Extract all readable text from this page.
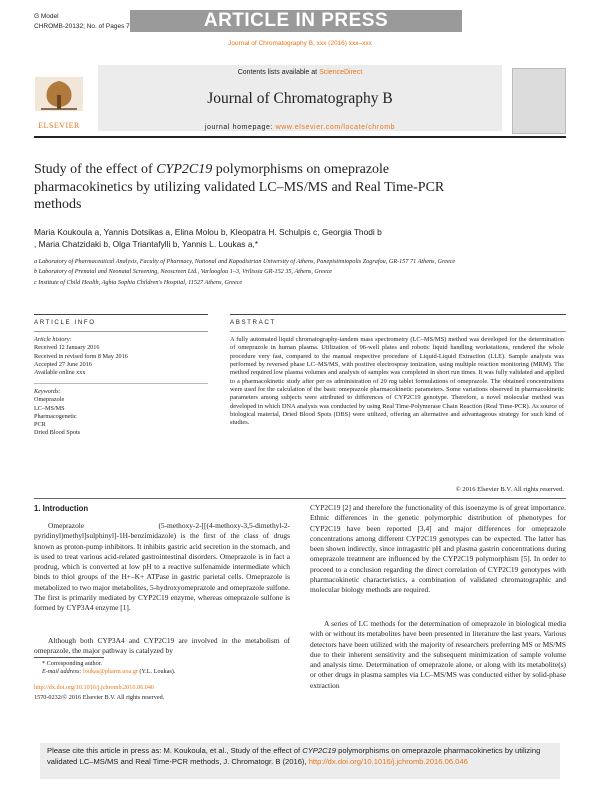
G Model
CHROMB-20132; No. of Pages 7	ARTICLE IN PRESS
Journal of Chromatography B, xxx (2016) xxx–xxx
Contents lists available at ScienceDirect
Journal of Chromatography B
journal homepage: www.elsevier.com/locate/chromb
ELSEVIER
Study of the effect of CYP2C19 polymorphisms on omeprazole pharmacokinetics by utilizing validated LC–MS/MS and Real Time-PCR methods
Maria Koukoula a, Yannis Dotsikas a, Elina Molou b, Kleopatra H. Schulpis c, Georgia Thodi b
, Maria Chatzidaki b, Olga Triantafylli b, Yannis L. Loukas a,*
a Laboratory of Pharmaceutical Analysis, Faculty of Pharmacy, National and Kapodistrian University of Athens, Panepistimiopolis Zografou, GR-157 71 Athens, Greece
b Laboratory of Prenatal and Neonatal Screening, Neoscreen Ltd., Varlaoglou 1–3, Vrilissia GR-152 35, Athens, Greece
c Institute of Child Health, Aghia Sophia Children's Hospital, 11527 Athens, Greece
ARTICLE INFO
Article history:
Received 12 January 2016
Received in revised form 8 May 2016
Accepted 27 June 2016
Available online xxx
Keywords:
Omeprazole
LC–MS/MS
Pharmacogenetic
PCR
Dried Blood Spots
ABSTRACT
A fully automated liquid chromatography-tandem mass spectrometry (LC–MS/MS) method was developed for the determination of omeprazole in human plasma. Utilization of 96-well plates and robotic liquid handling workstations, rendered the whole procedure very fast, compared to the manual respective procedure of Liquid-Liquid Extraction (LLE). Sample analysis was performed by reversed phase LC–MS/MS, with positive electrospray ionization, using multiple reaction monitoring (MRM). The method required low plasma volumes and analysis of samples was completed in short run times. It was fully validated and applied to a pharmacokinetic study after per os administration of 20 mg tablet formulations of omeprazole. The obtained concentrations were used for the calculation of the basic omeprazole pharmacokinetic parameters. Some variations observed in pharmacokinetic parameters among subjects were attributed to differences of CYP2C19 genotype. Therefore, a novel molecular method was developed in which DNA analysis was conducted by using Real Time-Polymerase Chain Reaction (Real Time-PCR). As source of biological material, Dried Blood Spots (DBS) were utilized, offering an alternative and advantageous strategy for such kind of studies.
© 2016 Elsevier B.V. All rights reserved.
1. Introduction
Omeprazole (5-methoxy-2-[[(4-methoxy-3,5-dimethyl-2-pyridinyl)methyl]sulphinyl]-1H-benzimidazole) is the first of the class of drugs known as proton-pump inhibitors. It inhibits gastric acid secretion in the stomach, and is used to treat various acid-related gastrointestinal disorders. Omeprazole is in fact a prodrug, which is converted at low pH to a reactive sulfenamide intermediate which binds to thiol groups of the H+–K+ ATPase in gastric parietal cells. Omeprazole is metabolized to two major metabolites, 5-hydroxyomeprazole and omeprazole sulfone. The first is primarily mediated by CYP2C19 enzyme, whereas omeprazole sulfone is formed by CYP3A4 enzyme [1].
Although both CYP3A4 and CYP2C19 are involved in the metabolism of omeprazole, the major pathway is catalyzed by
CYP2C19 [2] and therefore the functionality of this isoenzyme is of great importance. Ethnic differences in the genetic polymorphic distribution of phenotypes for CYP2C19 have been reported [3,4] and major differences for omeprazole concentrations among different CYP2C19 genotypes can be expected. The latter has been shown indirectly, since intragastric pH and plasma gastrin concentrations during omeprazole treatment are influenced by the CYP2C19 polymorphism [5]. In order to proceed to a conclusion regarding the direct correlation of CYP2C19 genotypes with pharmacokinetic characteristics, a combination of validated chromatographic and molecular biology methods are required.
A series of LC methods for the determination of omeprazole in biological media with or without its metabolites have been presented in literature the last years. Various detectors have been utilized with the majority of researchers preferring MS or MS/MS due to their inherent sensitivity and the subsequent minimization of sample volume and analysis time. Determination of omeprazole alone, or along with its metabolite(s) or other drugs in plasma samples via LC–MS/MS was conducted either by solid-phase extraction
* Corresponding author.
E-mail address: loukas@pharm.uoa.gr (Y.L. Loukas).
http://dx.doi.org/10.1016/j.jchromb.2016.06.046
1570-0232/© 2016 Elsevier B.V. All rights reserved.
Please cite this article in press as: M. Koukoula, et al., Study of the effect of CYP2C19 polymorphisms on omeprazole pharmacokinetics by utilizing validated LC–MS/MS and Real Time-PCR methods, J. Chromatogr. B (2016), http://dx.doi.org/10.1016/j.jchromb.2016.06.046
